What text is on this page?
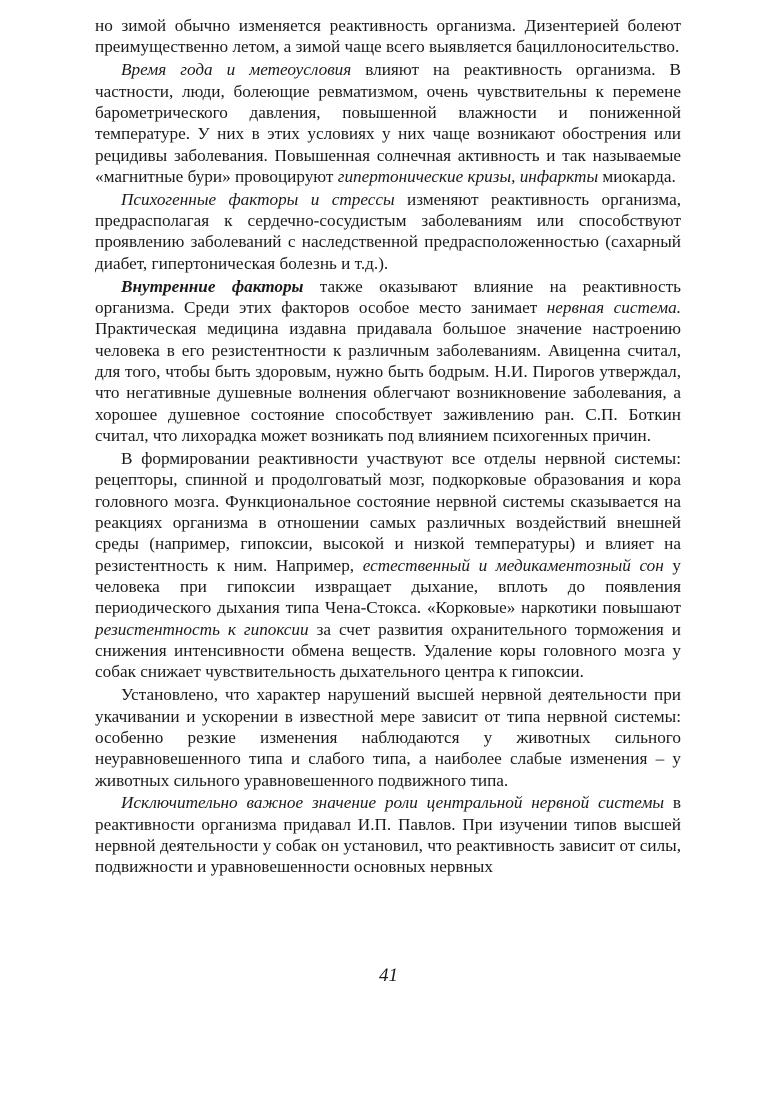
но зимой обычно изменяется реактивность организма. Дизентерией болеют преимущественно летом, а зимой чаще всего выявляется бациллоносительство.

Время года и метеоусловия влияют на реактивность организма. В частности, люди, болеющие ревматизмом, очень чувствительны к перемене барометрического давления, повышенной влажности и пониженной температуре. У них в этих условиях у них чаще возникают обострения или рецидивы заболевания. Повышенная солнечная активность и так называемые «магнитные бури» провоцируют гипертонические кризы, инфаркты миокарда.

Психогенные факторы и стрессы изменяют реактивность организма, предрасполагая к сердечно-сосудистым заболеваниям или способствуют проявлению заболеваний с наследственной предрасположенностью (сахарный диабет, гипертоническая болезнь и т.д.).

Внутренние факторы также оказывают влияние на реактивность организма. Среди этих факторов особое место занимает нервная система. Практическая медицина издавна придавала большое значение настроению человека в его резистентности к различным заболеваниям. Авиценна считал, для того, чтобы быть здоровым, нужно быть бодрым. Н.И. Пирогов утверждал, что негативные душевные волнения облегчают возникновение заболевания, а хорошее душевное состояние способствует заживлению ран. С.П. Боткин считал, что лихорадка может возникать под влиянием психогенных причин.

В формировании реактивности участвуют все отделы нервной системы: рецепторы, спинной и продолговатый мозг, подкорковые образования и кора головного мозга. Функциональное состояние нервной системы сказывается на реакциях организма в отношении самых различных воздействий внешней среды (например, гипоксии, высокой и низкой температуры) и влияет на резистентность к ним. Например, естественный и медикаментозный сон у человека при гипоксии извращает дыхание, вплоть до появления периодического дыхания типа Чена-Стокса. «Корковые» наркотики повышают резистентность к гипоксии за счет развития охранительного торможения и снижения интенсивности обмена веществ. Удаление коры головного мозга у собак снижает чувствительность дыхательного центра к гипоксии.

Установлено, что характер нарушений высшей нервной деятельности при укачивании и ускорении в известной мере зависит от типа нервной системы: особенно резкие изменения наблюдаются у животных сильного неуравновешенного типа и слабого типа, а наиболее слабые изменения – у животных сильного уравновешенного подвижного типа.

Исключительно важное значение роли центральной нервной системы в реактивности организма придавал И.П. Павлов. При изучении типов высшей нервной деятельности у собак он установил, что реактивность зависит от силы, подвижности и уравновешенности основных нервных

41
